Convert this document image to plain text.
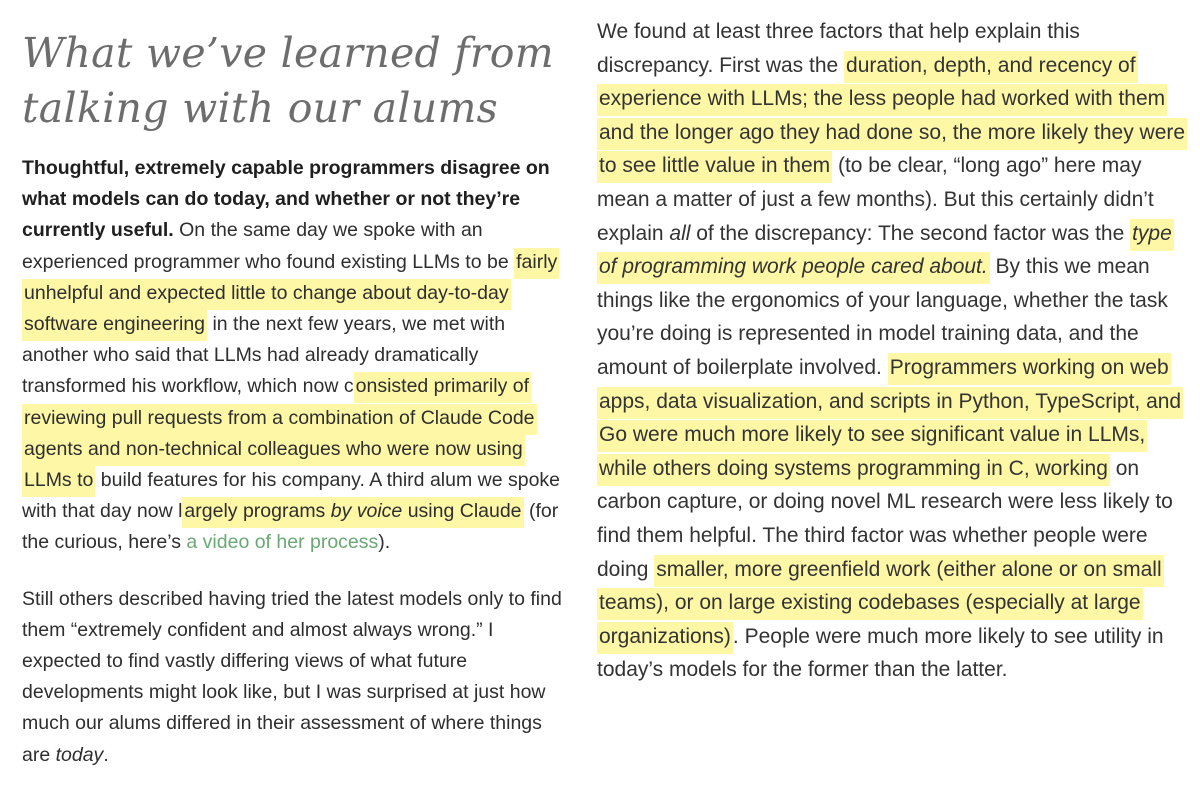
What we’ve learned from
talking with our alums

Thoughtful, extremely capable programmers disagree on what models can do today, and whether or not they’re currently useful. On the same day we spoke with an experienced programmer who found existing LLMs to be fairly unhelpful and expected little to change about day-to-day software engineering in the next few years, we met with another who said that LLMs had already dramatically transformed his workflow, which now c onsisted primarily of reviewing pull requests from a combination of Claude Code agents and non-technical colleagues who were now using LLMs to build features for his company. A third alum we spoke with that day now l argely programs by voice using Claude (for the curious, here’s a video of her process).

Still others described having tried the latest models only to find them “extremely confident and almost always wrong.” I expected to find vastly differing views of what future developments might look like, but I was surprised at just how much our alums differed in their assessment of where things are today.

We found at least three factors that help explain this discrepancy. First was the duration, depth, and recency of experience with LLMs; the less people had worked with them and the longer ago they had done so, the more likely they were to see little value in them (to be clear, “long ago” here may mean a matter of just a few months). But this certainly didn’t explain all of the discrepancy: The second factor was the type of programming work people cared about. By this we mean things like the ergonomics of your language, whether the task you’re doing is represented in model training data, and the amount of boilerplate involved. Programmers working on web apps, data visualization, and scripts in Python, TypeScript, and Go were much more likely to see significant value in LLMs, while others doing systems programming in C, working on carbon capture, or doing novel ML research were less likely to find them helpful. The third factor was whether people were doing smaller, more greenfield work (either alone or on small teams), or on large existing codebases (especially at large organizations). People were much more likely to see utility in today’s models for the former than the latter.
